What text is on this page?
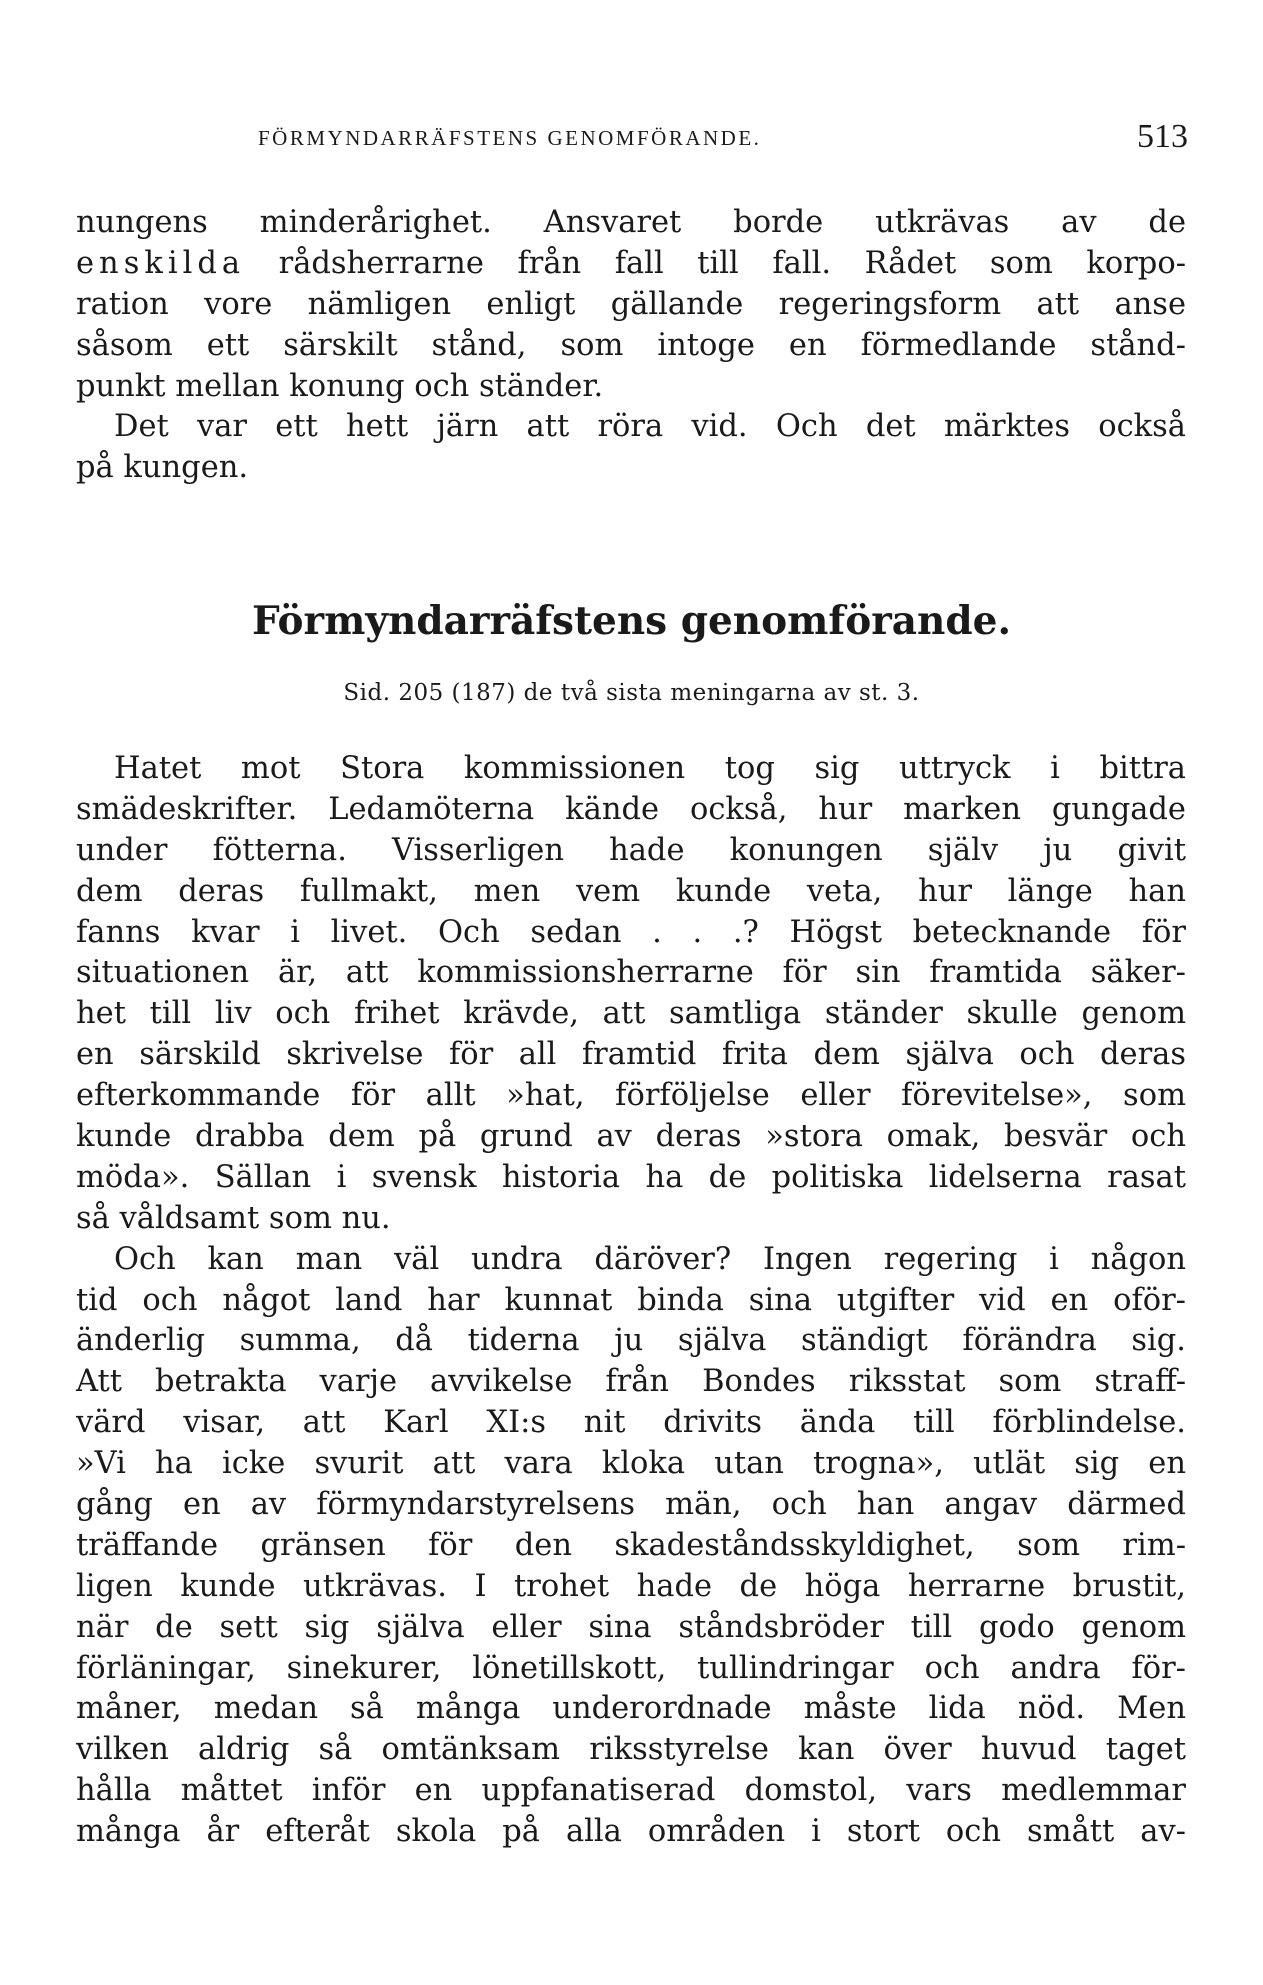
FÖRMYNDARRÄFSTENS GENOMFÖRANDE.	513
nungens minderårighet. Ansvaret borde utkrävas av de
enskilda rådsherrarne från fall till fall. Rådet som korpo-
ration vore nämligen enligt gällande regeringsform att anse
såsom ett särskilt stånd, som intoge en förmedlande stånd-
punkt mellan konung och ständer.
Det var ett hett järn att röra vid. Och det märktes också
på kungen.
Förmyndarräfstens genomförande.
Sid. 205 (187) de två sista meningarna av st. 3.
Hatet mot Stora kommissionen tog sig uttryck i bittra
smädeskrifter. Ledamöterna kände också, hur marken gungade
under fötterna. Visserligen hade konungen själv ju givit
dem deras fullmakt, men vem kunde veta, hur länge han
fanns kvar i livet. Och sedan . . .? Högst betecknande för
situationen är, att kommissionsherrarne för sin framtida säker-
het till liv och frihet krävde, att samtliga ständer skulle genom
en särskild skrivelse för all framtid frita dem själva och deras
efterkommande för allt »hat, förföljelse eller förevitelse», som
kunde drabba dem på grund av deras »stora omak, besvär och
möda». Sällan i svensk historia ha de politiska lidelserna rasat
så våldsamt som nu.
Och kan man väl undra däröver? Ingen regering i någon
tid och något land har kunnat binda sina utgifter vid en oför-
änderlig summa, då tiderna ju själva ständigt förändra sig.
Att betrakta varje avvikelse från Bondes riksstat som straff-
värd visar, att Karl XI:s nit drivits ända till förblindelse.
»Vi ha icke svurit att vara kloka utan trogna», utlät sig en
gång en av förmyndarstyrelsens män, och han angav därmed
träffande gränsen för den skadeståndsskyldighet, som rim-
ligen kunde utkrävas. I trohet hade de höga herrarne brustit,
när de sett sig själva eller sina ståndsbröder till godo genom
förläningar, sinekurer, lönetillskott, tullindringar och andra för-
måner, medan så många underordnade måste lida nöd. Men
vilken aldrig så omtänksam riksstyrelse kan över huvud taget
hålla måttet inför en uppfanatiserad domstol, vars medlemmar
många år efteråt skola på alla områden i stort och smått av-
